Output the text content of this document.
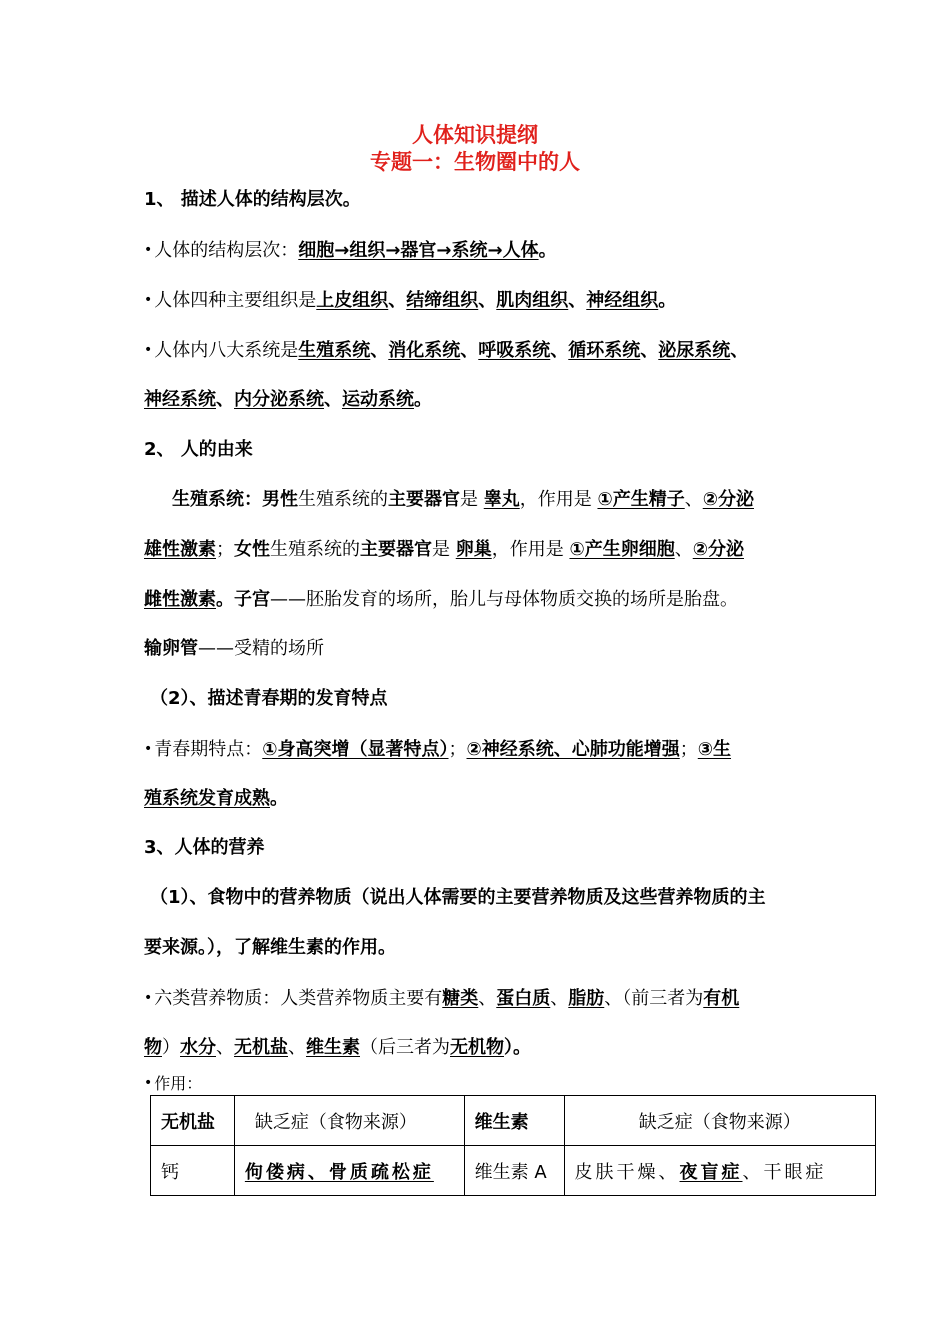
人体知识提纲
专题一：生物圈中的人
1、 描述人体的结构层次。
• 人体的结构层次：细胞→组织→器官→系统→人体。
• 人体四种主要组织是上皮组织、结缔组织、肌肉组织、神经组织。
• 人体内八大系统是生殖系统、消化系统、呼吸系统、循环系统、泌尿系统、
神经系统、内分泌系统、运动系统。
2、 人的由来
生殖系统：男性生殖系统的主要器官是 睾丸，作用是 ①产生精子、②分泌
雄性激素；女性生殖系统的主要器官是 卵巢，作用是 ①产生卵细胞、②分泌
雌性激素。子宫——胚胎发育的场所，胎儿与母体物质交换的场所是胎盘。
输卵管——受精的场所
（2）、描述青春期的发育特点
• 青春期特点：①身高突增（显著特点）；②神经系统、心肺功能增强；③生
殖系统发育成熟。
3、人体的营养
（1）、食物中的营养物质（说出人体需要的主要营养物质及这些营养物质的主
要来源。），了解维生素的作用。
• 六类营养物质：人类营养物质主要有糖类、蛋白质、脂肪、（前三者为有机
物）水分、无机盐、维生素（后三者为无机物）。
• 作用：
无机盐	缺乏症（食物来源）	维生素	缺乏症（食物来源）
钙	佝偻病、骨质疏松症	维生素 A	皮肤干燥、夜盲症、干眼症
